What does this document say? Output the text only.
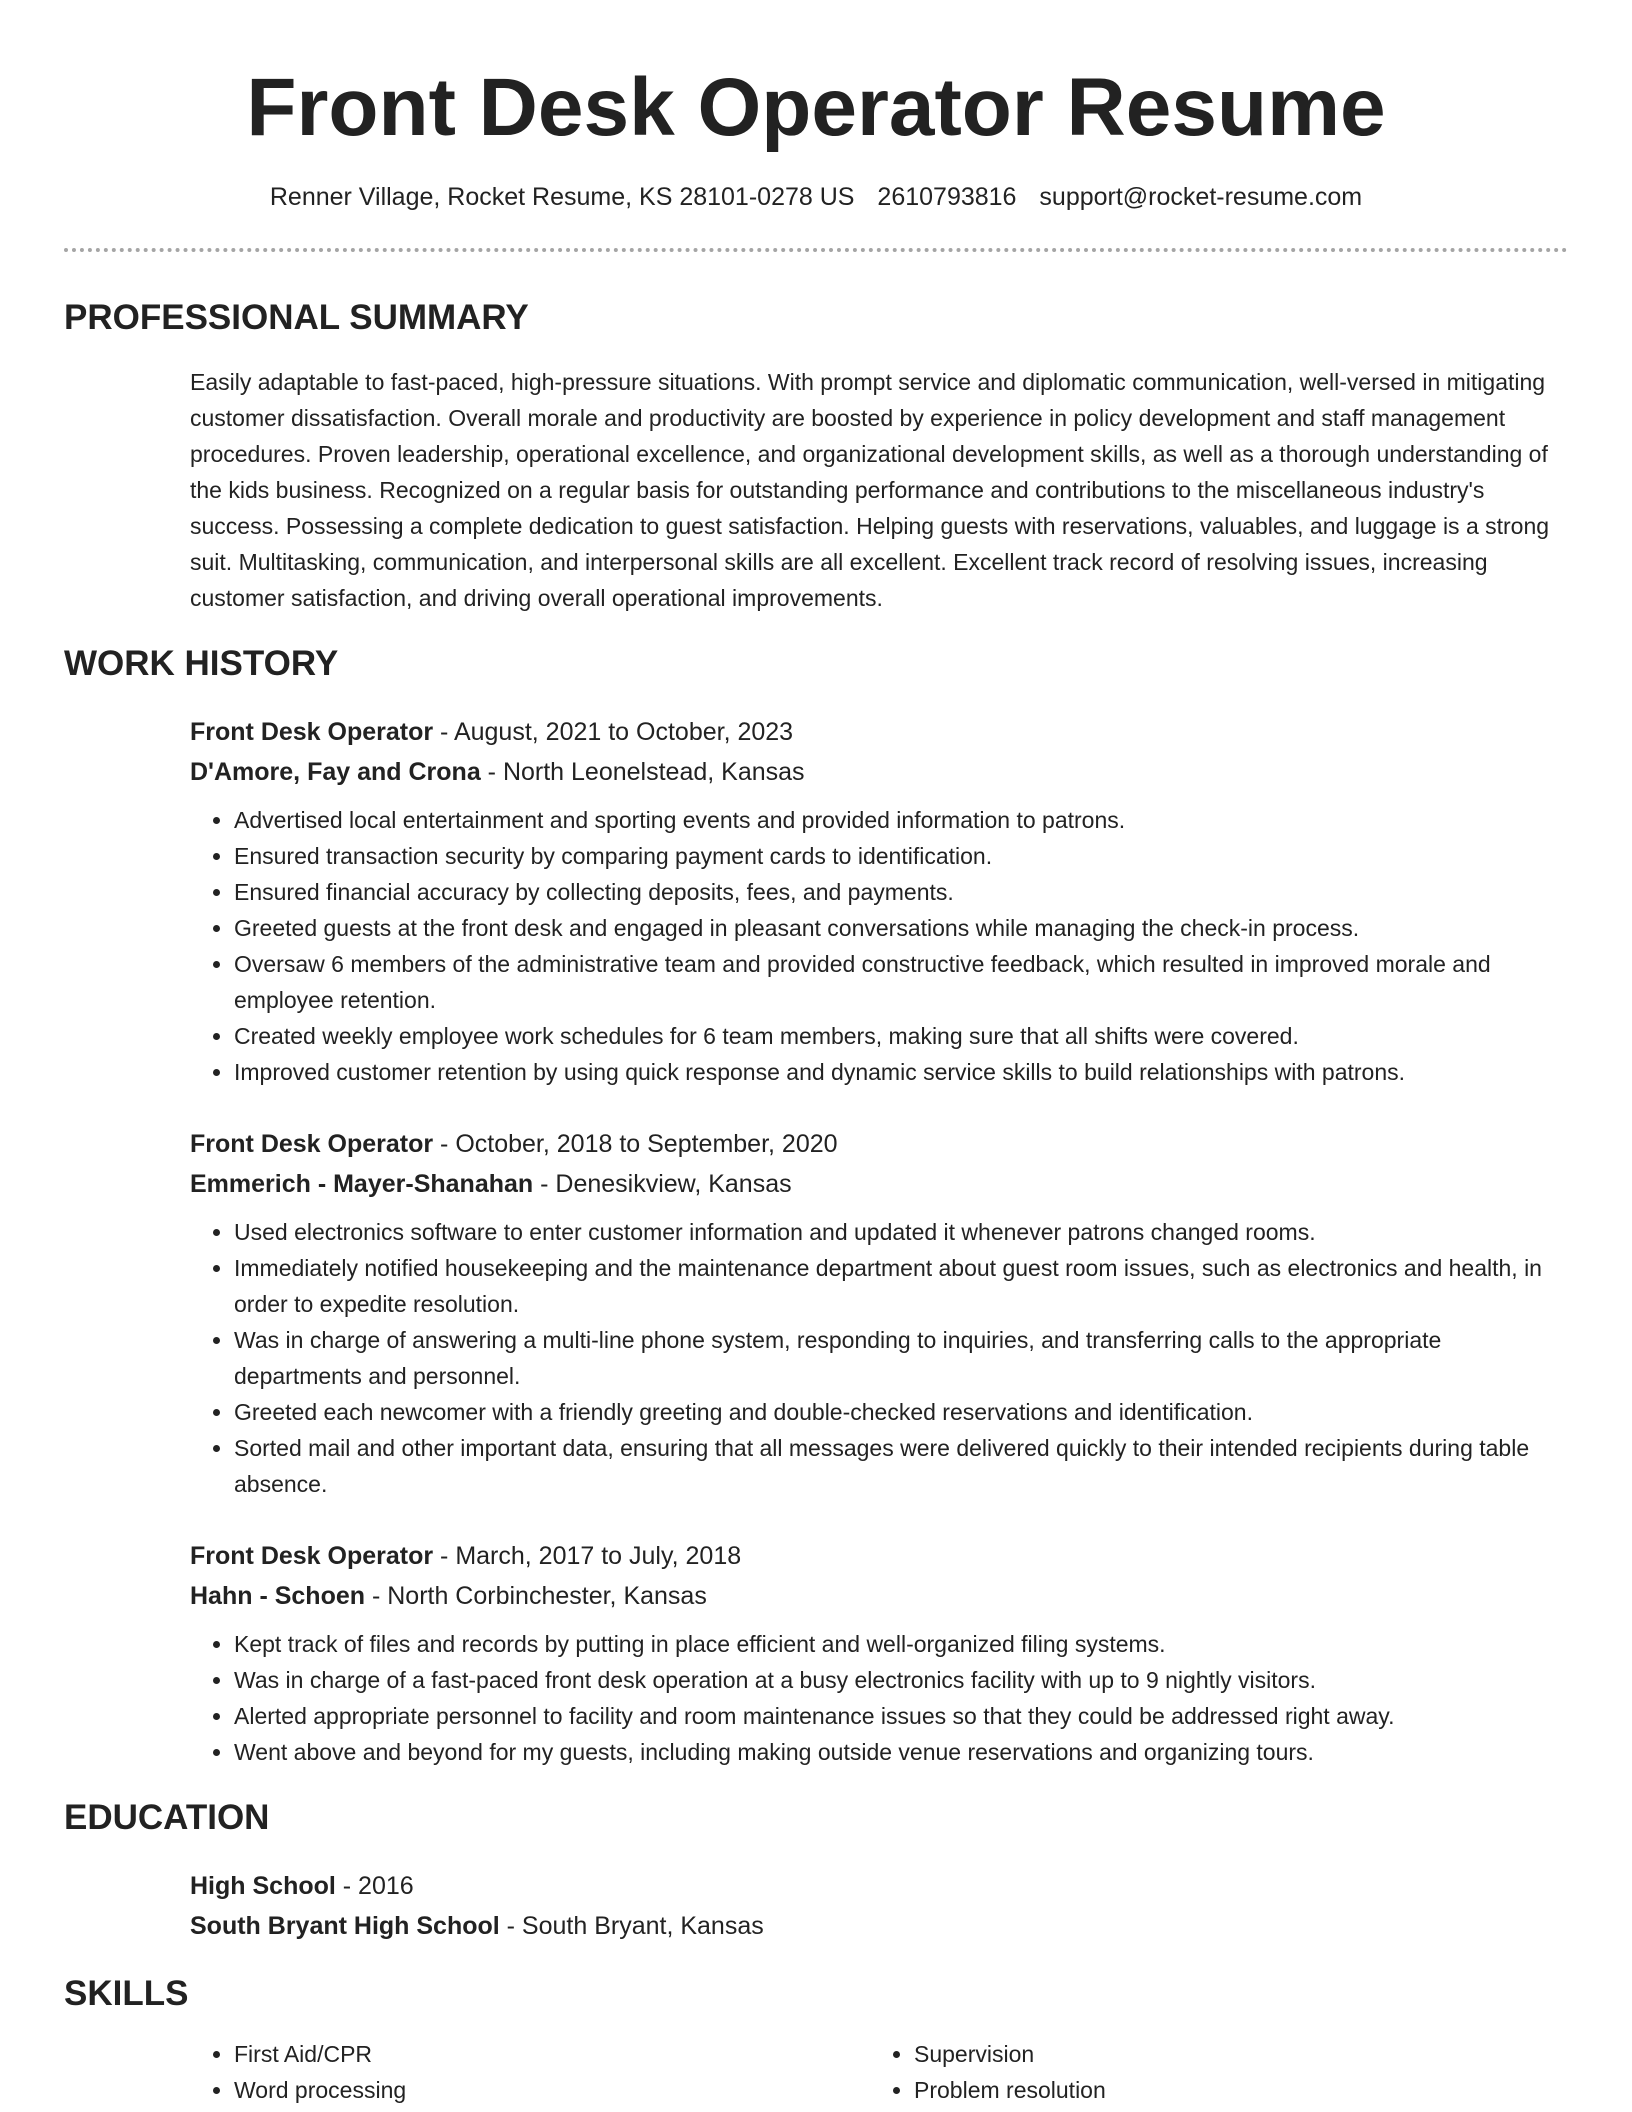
Front Desk Operator Resume
Renner Village, Rocket Resume, KS 28101-0278 US 2610793816 support@rocket-resume.com
PROFESSIONAL SUMMARY

Easily adaptable to fast-paced, high-pressure situations. With prompt service and diplomatic communication, well-versed in mitigating customer dissatisfaction. Overall morale and productivity are boosted by experience in policy development and staff management procedures. Proven leadership, operational excellence, and organizational development skills, as well as a thorough understanding of the kids business. Recognized on a regular basis for outstanding performance and contributions to the miscellaneous industry's success. Possessing a complete dedication to guest satisfaction. Helping guests with reservations, valuables, and luggage is a strong suit. Multitasking, communication, and interpersonal skills are all excellent. Excellent track record of resolving issues, increasing customer satisfaction, and driving overall operational improvements.

WORK HISTORY
Front Desk Operator - August, 2021 to October, 2023
D'Amore, Fay and Crona - North Leonelstead, Kansas
• Advertised local entertainment and sporting events and provided information to patrons.
• Ensured transaction security by comparing payment cards to identification.
• Ensured financial accuracy by collecting deposits, fees, and payments.
• Greeted guests at the front desk and engaged in pleasant conversations while managing the check-in process.
• Oversaw 6 members of the administrative team and provided constructive feedback, which resulted in improved morale and employee retention.
• Created weekly employee work schedules for 6 team members, making sure that all shifts were covered.
• Improved customer retention by using quick response and dynamic service skills to build relationships with patrons.
Front Desk Operator - October, 2018 to September, 2020
Emmerich - Mayer-Shanahan - Denesikview, Kansas
• Used electronics software to enter customer information and updated it whenever patrons changed rooms.
• Immediately notified housekeeping and the maintenance department about guest room issues, such as electronics and health, in order to expedite resolution.
• Was in charge of answering a multi-line phone system, responding to inquiries, and transferring calls to the appropriate departments and personnel.
• Greeted each newcomer with a friendly greeting and double-checked reservations and identification.
• Sorted mail and other important data, ensuring that all messages were delivered quickly to their intended recipients during table absence.
Front Desk Operator - March, 2017 to July, 2018
Hahn - Schoen - North Corbinchester, Kansas
• Kept track of files and records by putting in place efficient and well-organized filing systems.
• Was in charge of a fast-paced front desk operation at a busy electronics facility with up to 9 nightly visitors.
• Alerted appropriate personnel to facility and room maintenance issues so that they could be addressed right away.
• Went above and beyond for my guests, including making outside venue reservations and organizing tours.
EDUCATION
High School - 2016
South Bryant High School - South Bryant, Kansas
SKILLS
• First Aid/CPR
• Word processing
• Supervision
• Problem resolution
